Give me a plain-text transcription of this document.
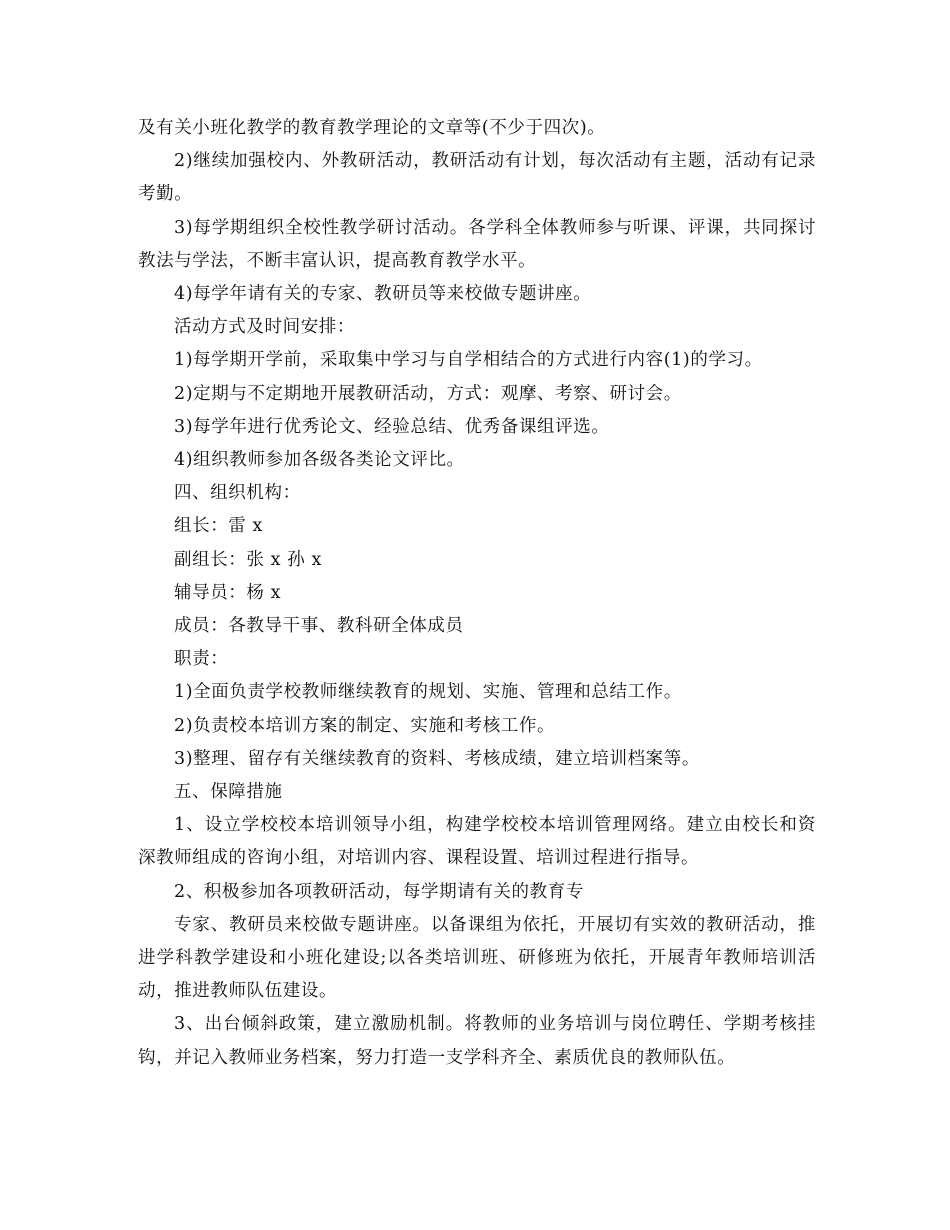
及有关小班化教学的教育教学理论的文章等(不少于四次)。

2)继续加强校内、外教研活动，教研活动有计划，每次活动有主题，活动有记录考勤。

3)每学期组织全校性教学研讨活动。各学科全体教师参与听课、评课，共同探讨教法与学法，不断丰富认识，提高教育教学水平。

4)每学年请有关的专家、教研员等来校做专题讲座。

活动方式及时间安排：

1)每学期开学前，采取集中学习与自学相结合的方式进行内容(1)的学习。

2)定期与不定期地开展教研活动，方式：观摩、考察、研讨会。

3)每学年进行优秀论文、经验总结、优秀备课组评选。

4)组织教师参加各级各类论文评比。

四、组织机构：

组长：雷 x

副组长：张 x 孙 x

辅导员：杨 x

成员：各教导干事、教科研全体成员

职责：

1)全面负责学校教师继续教育的规划、实施、管理和总结工作。

2)负责校本培训方案的制定、实施和考核工作。

3)整理、留存有关继续教育的资料、考核成绩，建立培训档案等。

五、保障措施

1、设立学校校本培训领导小组，构建学校校本培训管理网络。建立由校长和资深教师组成的咨询小组，对培训内容、课程设置、培训过程进行指导。

2、积极参加各项教研活动，每学期请有关的教育专

专家、教研员来校做专题讲座。以备课组为依托，开展切有实效的教研活动，推进学科教学建设和小班化建设;以各类培训班、研修班为依托，开展青年教师培训活动，推进教师队伍建设。

3、出台倾斜政策，建立激励机制。将教师的业务培训与岗位聘任、学期考核挂钩，并记入教师业务档案，努力打造一支学科齐全、素质优良的教师队伍。
